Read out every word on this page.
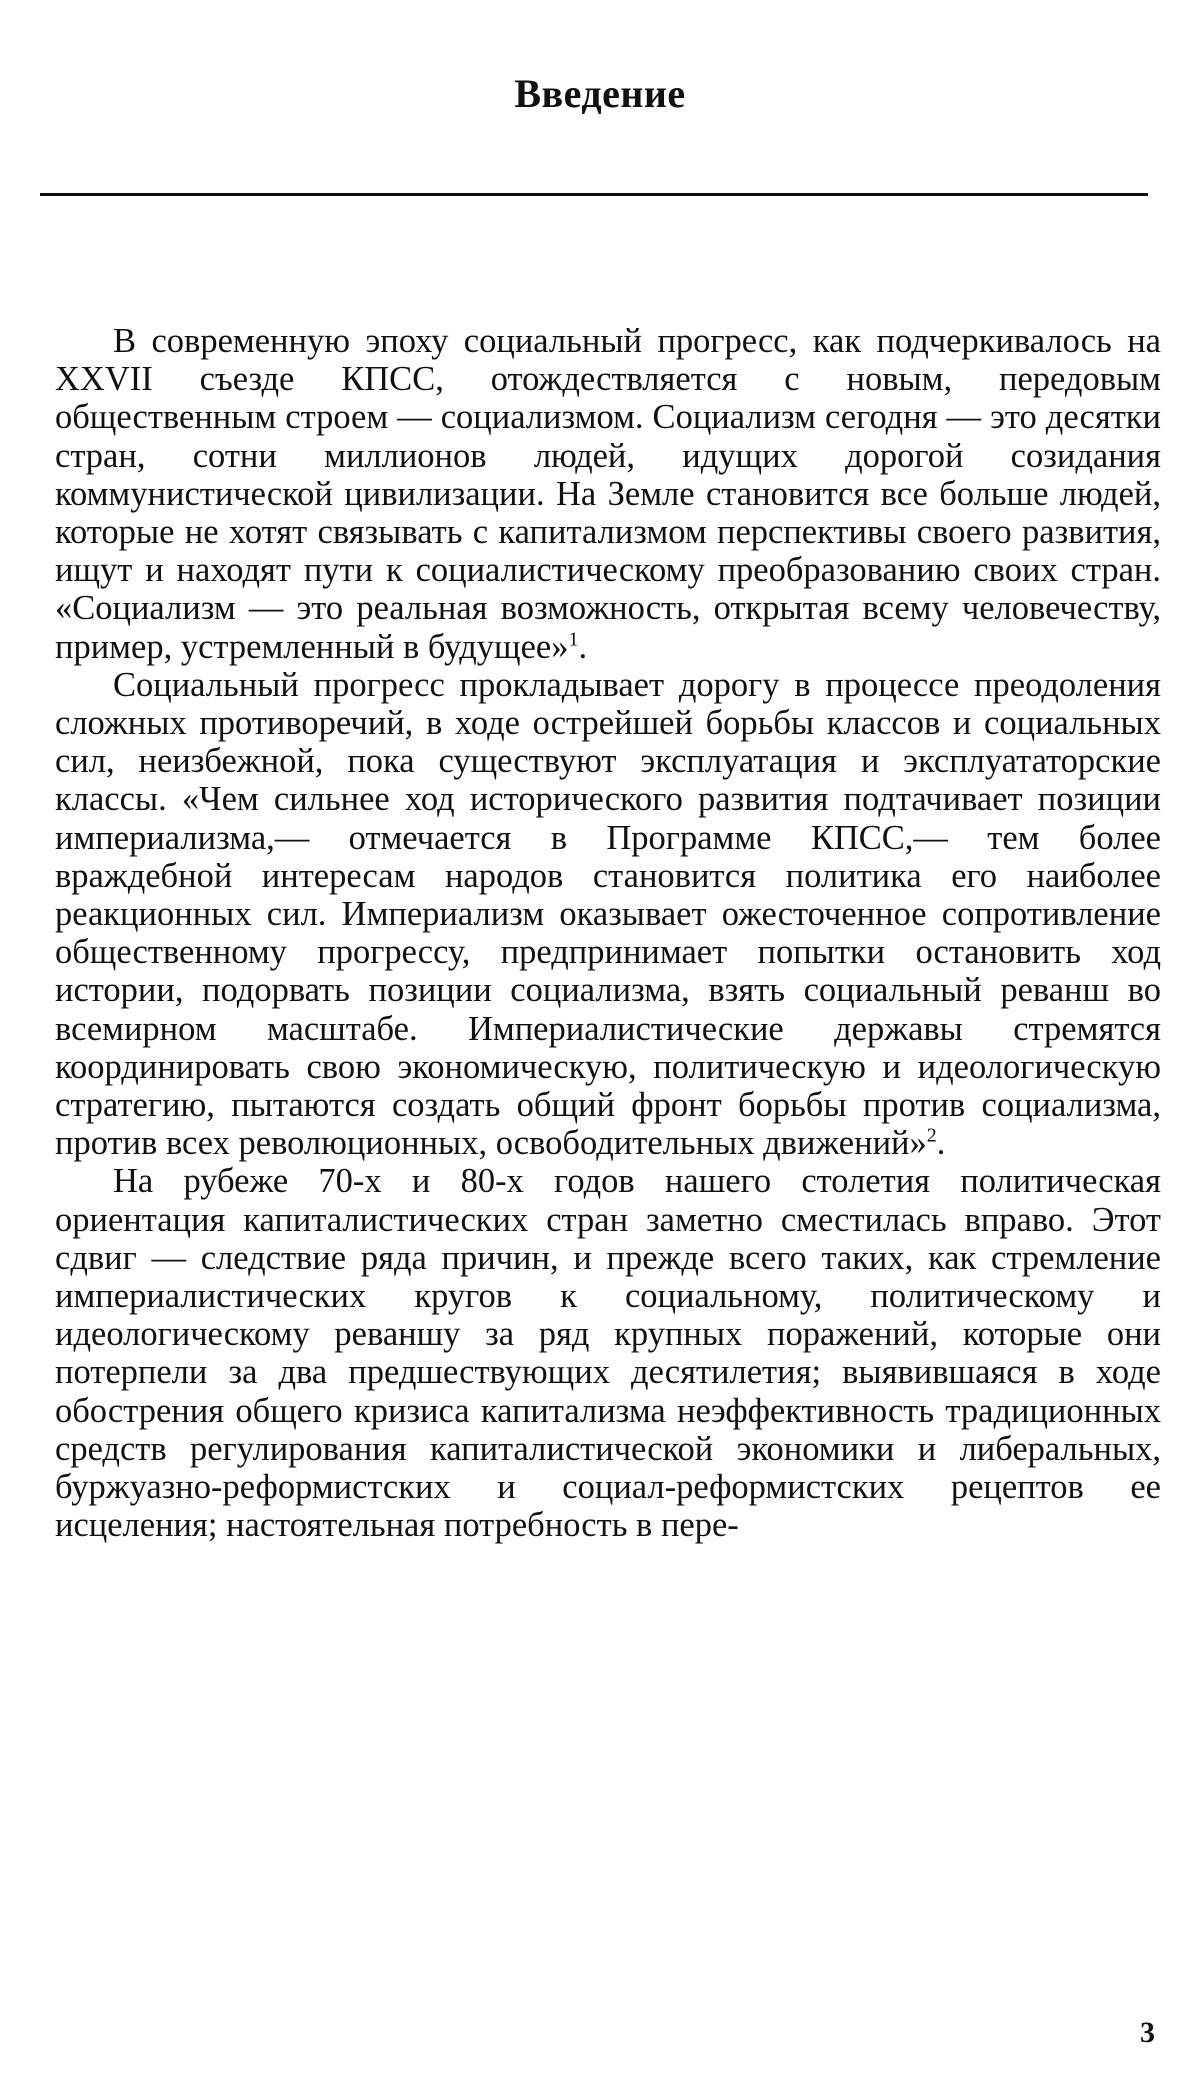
Введение

В современную эпоху социальный прогресс, как подчеркивалось на XXVII съезде КПСС, отождествляется с новым, передовым общественным строем — социализмом. Социализм сегодня — это десятки стран, сотни миллионов людей, идущих дорогой созидания коммунистической цивилизации. На Земле становится все больше людей, которые не хотят связывать с капитализмом перспективы своего развития, ищут и находят пути к социалистическому преобразованию своих стран. «Социализм — это реальная возможность, открытая всему человечеству, пример, устремленный в будущее»$^1$.

Социальный прогресс прокладывает дорогу в процессе преодоления сложных противоречий, в ходе острейшей борьбы классов и социальных сил, неизбежной, пока существуют эксплуатация и эксплуататорские классы. «Чем сильнее ход исторического развития подтачивает позиции империализма,— отмечается в Программе КПСС,— тем более враждебной интересам народов становится политика его наиболее реакционных сил. Империализм оказывает ожесточенное сопротивление общественному прогрессу, предпринимает попытки остановить ход истории, подорвать позиции социализма, взять социальный реванш во всемирном масштабе. Империалистические державы стремятся координировать свою экономическую, политическую и идеологическую стратегию, пытаются создать общий фронт борьбы против социализма, против всех революционных, освободительных движений»$^2$.

На рубеже 70-х и 80-х годов нашего столетия политическая ориентация капиталистических стран заметно сместилась вправо. Этот сдвиг — следствие ряда причин, и прежде всего таких, как стремление империалистических кругов к социальному, политическому и идеологическому реваншу за ряд крупных поражений, которые они потерпели за два предшествующих десятилетия; выявившаяся в ходе обострения общего кризиса капитализма неэффективность традиционных средств регулирования капиталистической экономики и либеральных, буржуазно-реформистских и социал-реформистских рецептов ее исцеления; настоятельная потребность в пере-

3
